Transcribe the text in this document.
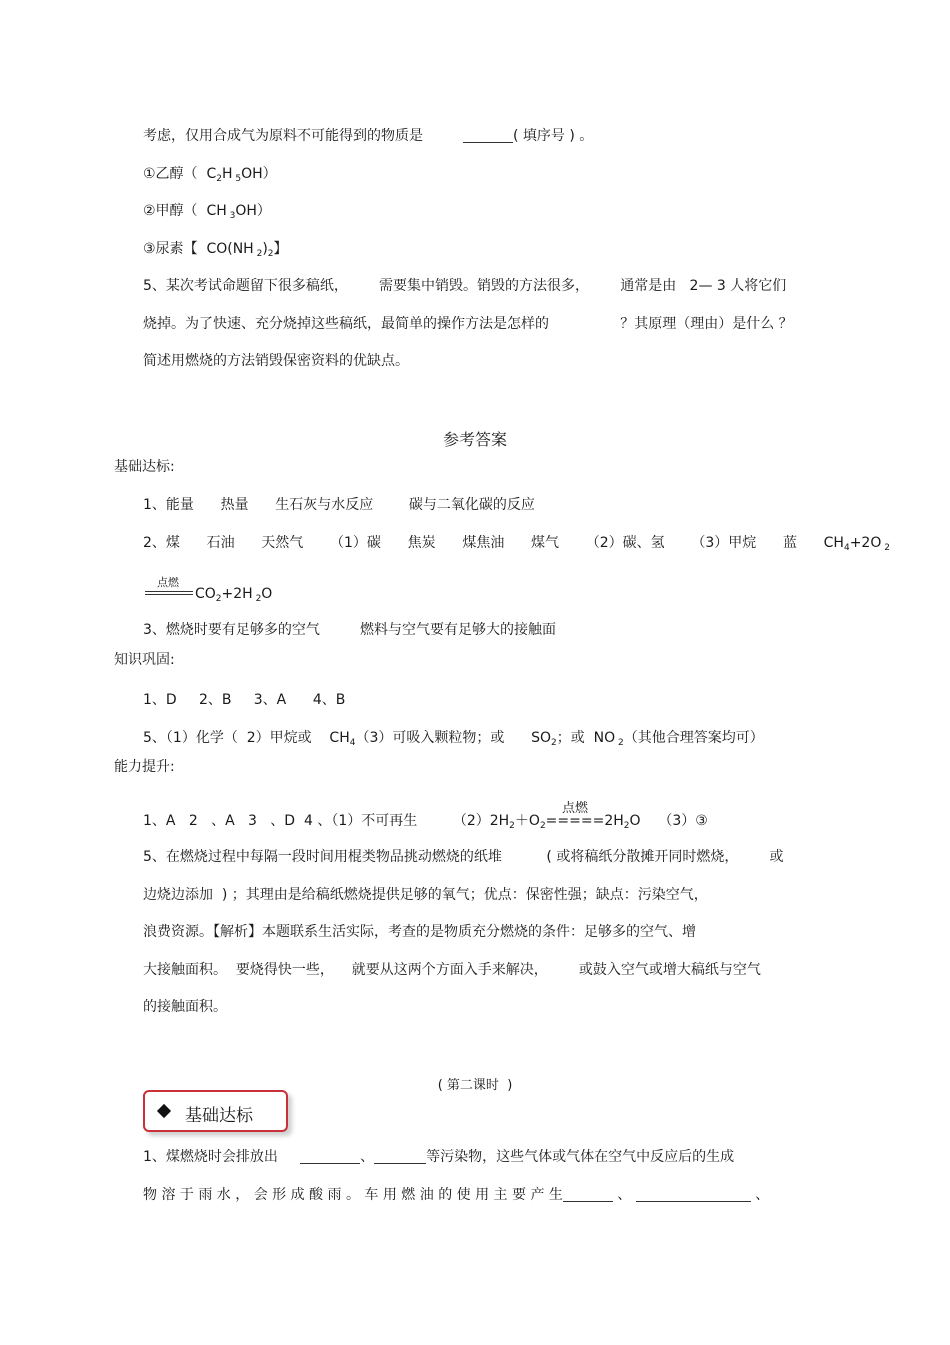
考虑，仅用合成气为原料不可能得到的物质是	( 填序号 ) 。
①乙醇（  $C_2H$ $_5$OH）
②甲醇（  CH $_3$OH）
③尿素【  CO(NH $_2)_2$】
5、某次考试命题留下很多稿纸，       需要集中销毁。销毁的方法很多，       通常是由   2— 3 人将它们
烧掉。为了快速、充分烧掉这些稿纸，最简单的操作方法是怎样的                ？其原理（理由）是什么 ？
简述用燃烧的方法销毁保密资料的优缺点。
参考答案
基础达标:
1、能量      热量      生石灰与水反应        碳与二氧化碳的反应
2、煤      石油      天然气      （1）碳      焦炭      煤焦油      煤气      （2）碳、氢      （3）甲烷      蓝      $CH_4+2O$ $_2$
点燃
$CO_2+2H$ $_2$O
3、燃烧时要有足够多的空气         燃料与空气要有足够大的接触面
知识巩固:
1、D     2、B     3、A      4、B
5、（1）化学（  2）甲烷或    $CH_4(3)$可吸入颗粒物；或      $SO_2$；或  NO $_2$（其他合理答案均可）
能力提升:
点燃
1、A   2   、A   3   、D  4 、（1）不可再生        $(2)2H_2+O_2=====2H_2O$    （3）③
5、在燃烧过程中每隔一段时间用棍类物品挑动燃烧的纸堆          ( 或将稿纸分散摊开同时燃烧，       或
边烧边添加  ) ；其理由是给稿纸燃烧提供足够的氧气；优点：保密性强；缺点：污染空气，
浪费资源。【解析】本题联系生活实际，考查的是物质充分燃烧的条件：足够多的空气、增
大接触面积。  要烧得快一些，    就要从这两个方面入手来解决，       或鼓入空气或增大稿纸与空气
的接触面积。
( 第二课时  )
基础达标
1、煤燃烧时会排放出	、	等污染物，这些气体或气体在空气中反应后的生成
物 溶 于 雨 水 ， 会 形 成 酸 雨 。 车 用 燃 油 的 使 用 主 要 产 生	、	、
